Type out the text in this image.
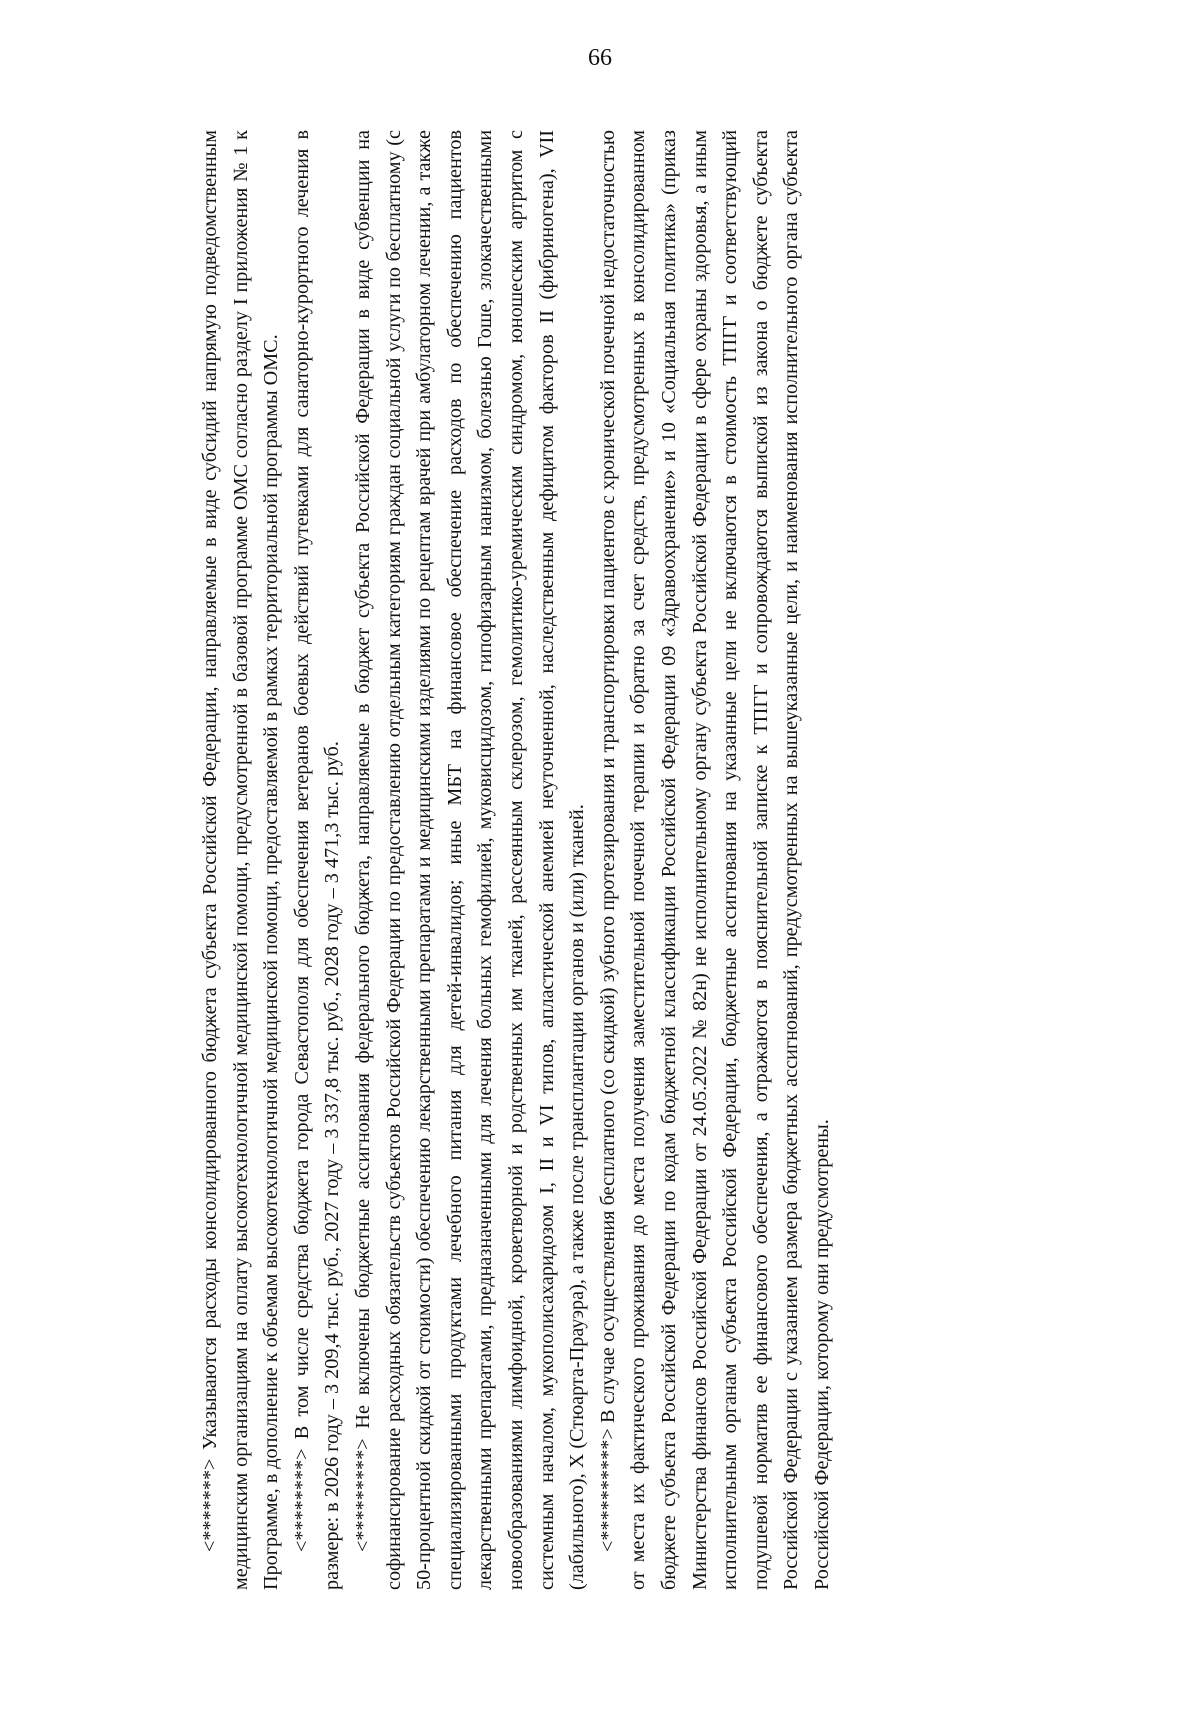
66

<*******> Указываются расходы консолидированного бюджета субъекта Российской Федерации, направляемые в виде субсидий напрямую подведомственным медицинским организациям на оплату высокотехнологичной медицинской помощи, предусмотренной в базовой программе ОМС согласно разделу I приложения № 1 к Программе, в дополнение к объемам высокотехнологичной медицинской помощи, предоставляемой в рамках территориальной программы ОМС. <********> В том числе средства бюджета города Севастополя для обеспечения ветеранов боевых действий путевками для санаторно-курортного лечения в размере: в 2026 году – 3 209,4 тыс. руб., 2027 году – 3 337,8 тыс. руб., 2028 году – 3 471,3 тыс. руб. <*********> Не включены бюджетные ассигнования федерального бюджета, направляемые в бюджет субъекта Российской Федерации в виде субвенции на софинансирование расходных обязательств субъектов Российской Федерации по предоставлению отдельным категориям граждан социальной услуги по бесплатному (с 50-процентной скидкой от стоимости) обеспечению лекарственными препаратами и медицинскими изделиями по рецептам врачей при амбулаторном лечении, а также специализированными продуктами лечебного питания для детей-инвалидов; иные МБТ на финансовое обеспечение расходов по обеспечению пациентов лекарственными препаратами, предназначенными для лечения больных гемофилией, муковисцидозом, гипофизарным нанизмом, болезнью Гоше, злокачественными новообразованиями лимфоидной, кроветворной и родственных им тканей, рассеянным склерозом, гемолитико-уремическим синдромом, юношеским артритом с системным началом, мукополисахаридозом I, II и VI типов, апластической анемией неуточненной, наследственным дефицитом факторов II (фибриногена), VII (лабильного), X (Стюарта-Прауэра), а также после трансплантации органов и (или) тканей. <**********> В случае осуществления бесплатного (со скидкой) зубного протезирования и транспортировки пациентов с хронической почечной недостаточностью от места их фактического проживания до места получения заместительной почечной терапии и обратно за счет средств, предусмотренных в консолидированном бюджете субъекта Российской Федерации по кодам бюджетной классификации Российской Федерации 09 «Здравоохранение» и 10 «Социальная политика» (приказ Министерства финансов Российской Федерации от 24.05.2022 № 82н) не исполнительному органу субъекта Российской Федерации в сфере охраны здоровья, а иным исполнительным органам субъекта Российской Федерации, бюджетные ассигнования на указанные цели не включаются в стоимость ТПГГ и соответствующий подушевой норматив ее финансового обеспечения, а отражаются в пояснительной записке к ТПГГ и сопровождаются выпиской из закона о бюджете субъекта Российской Федерации с указанием размера бюджетных ассигнований, предусмотренных на вышеуказанные цели, и наименования исполнительного органа субъекта Российской Федерации, которому они предусмотрены.
